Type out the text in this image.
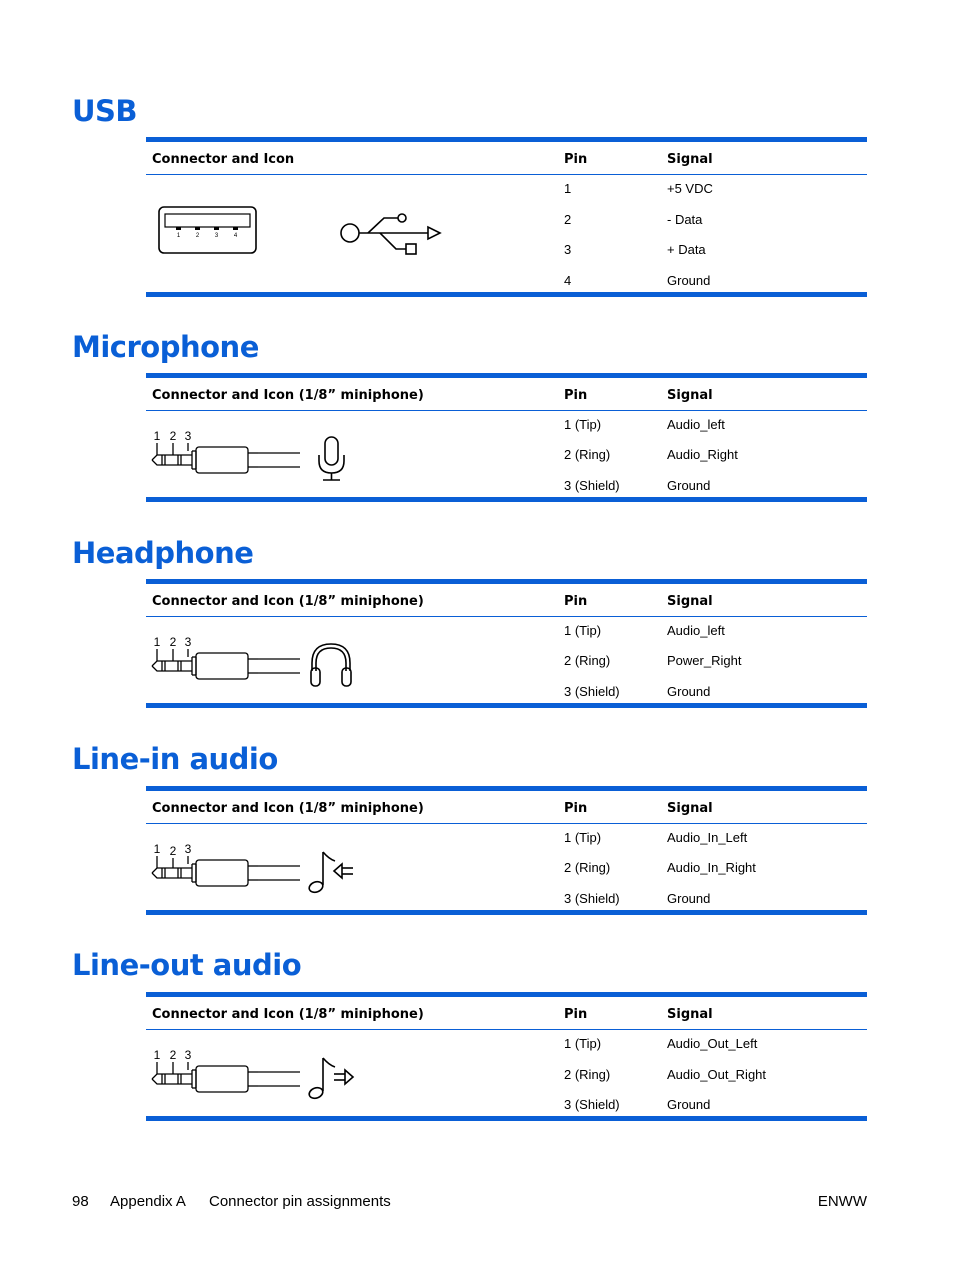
USB
Connector and Icon	Pin	Signal
1	+5 VDC
2	- Data
3	+ Data
4	Ground
1	2	3	4
Microphone
Connector and Icon (1/8” miniphone)	Pin	Signal
1 (Tip)	Audio_left
2 (Ring)	Audio_Right
3 (Shield)	Ground
1 2 3
Headphone
Connector and Icon (1/8” miniphone)	Pin	Signal
1 (Tip)	Audio_left
2 (Ring)	Power_Right
3 (Shield)	Ground
1 2 3
Line-in audio
Connector and Icon (1/8” miniphone)	Pin	Signal
1 (Tip)	Audio_In_Left
2 (Ring)	Audio_In_Right
3 (Shield)	Ground
1 2 3
Line-out audio
Connector and Icon (1/8” miniphone)	Pin	Signal
1 (Tip)	Audio_Out_Left
2 (Ring)	Audio_Out_Right
3 (Shield)	Ground
1 2 3
98 Appendix A Connector pin assignments	ENWW
